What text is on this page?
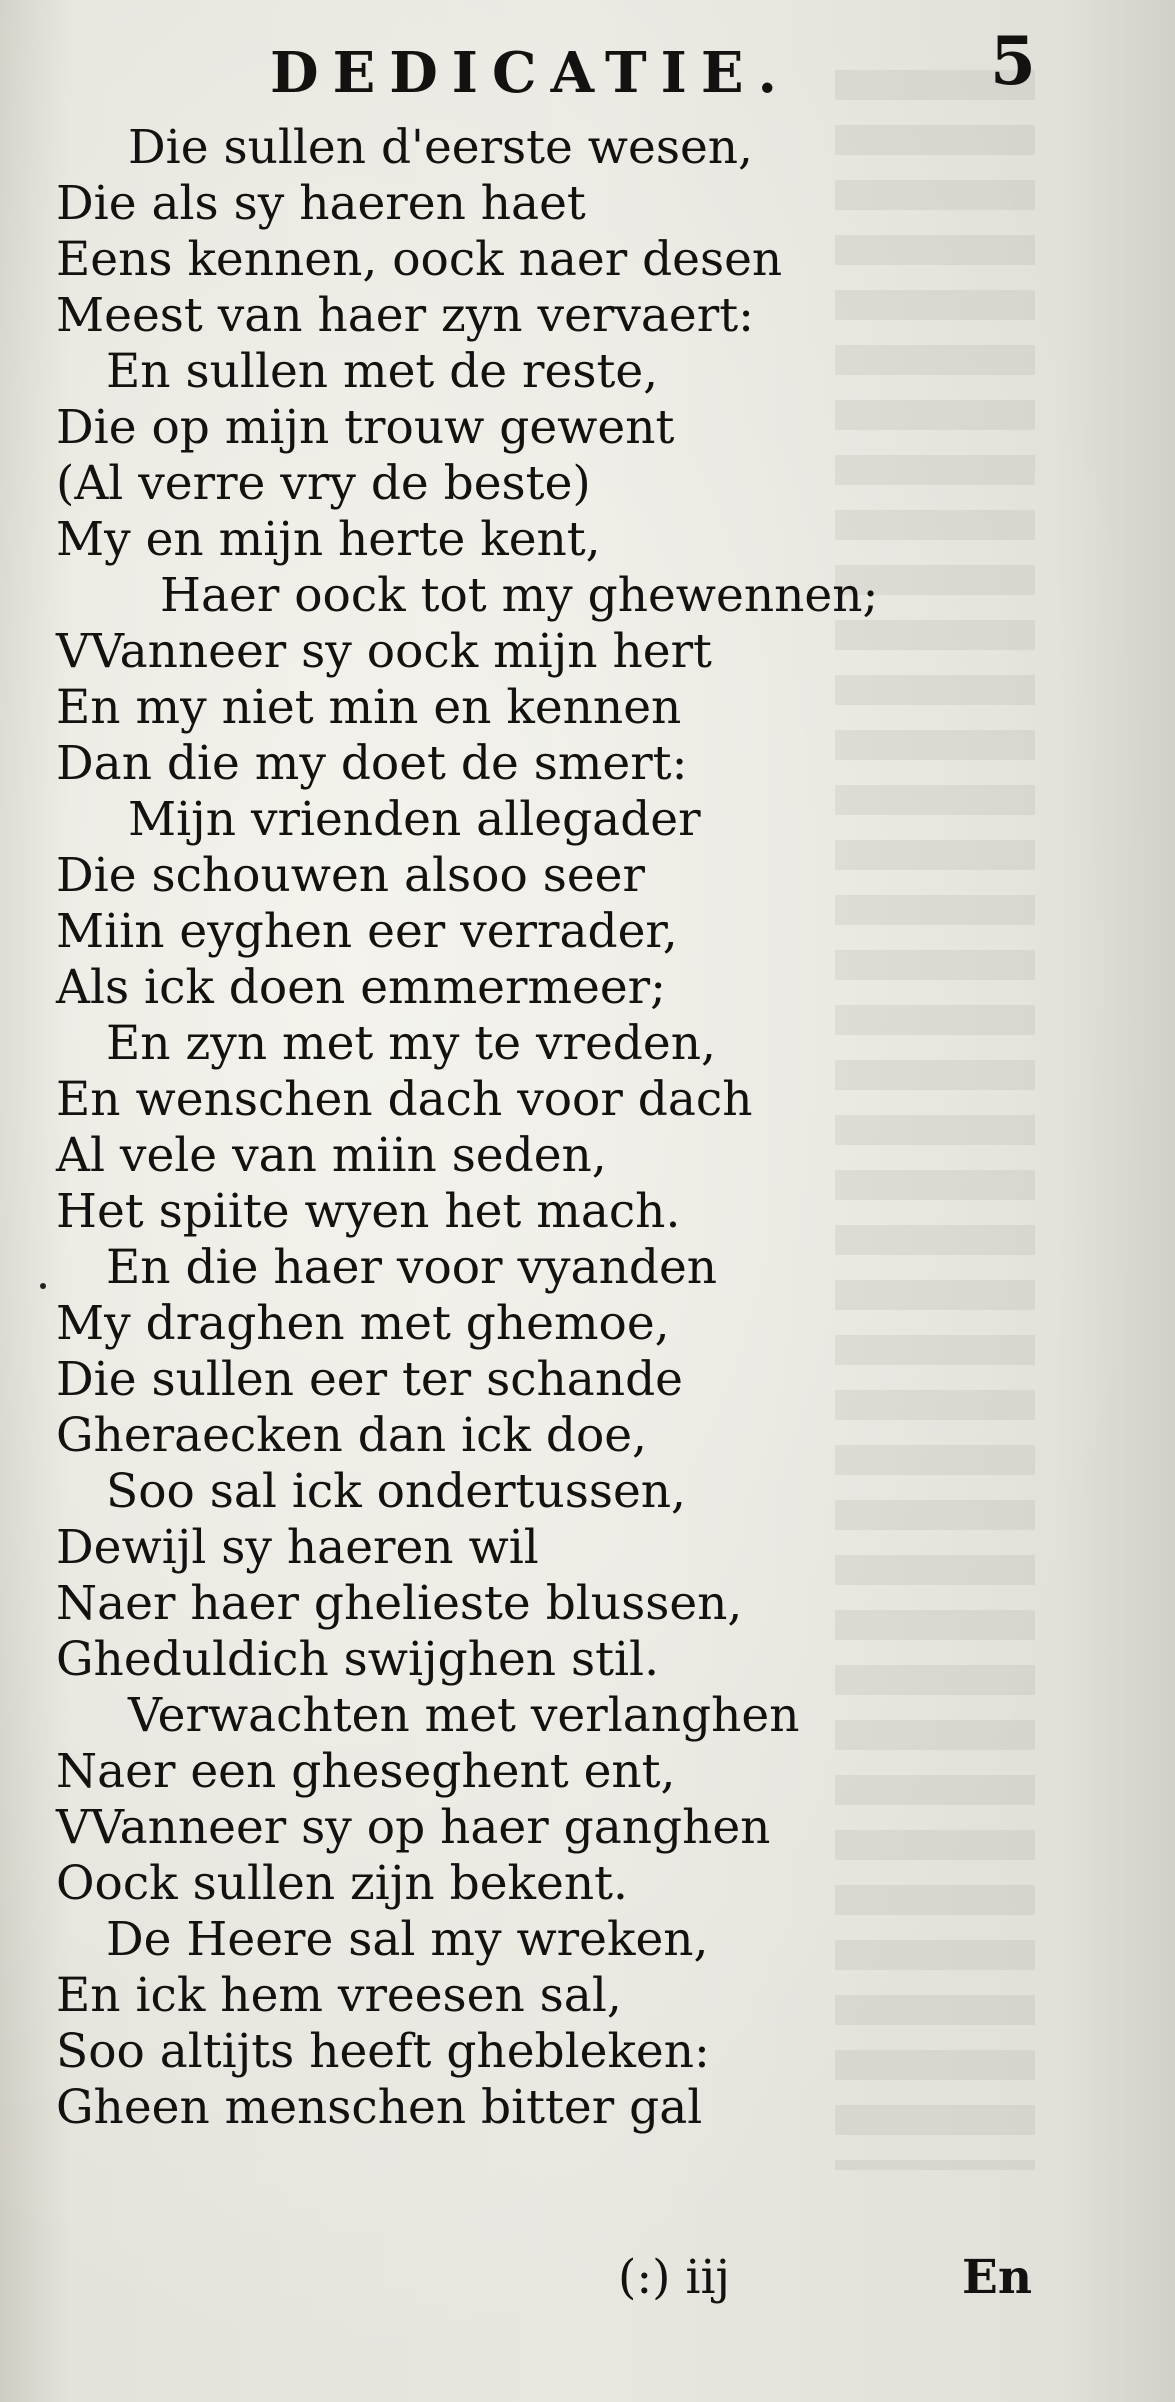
DEDICATIE.	5
Die sullen d'eerste wesen,
Die als sy haeren haet
Eens kennen, oock naer desen
Meest van haer zyn vervaert:
En sullen met de reste,
Die op mijn trouw gewent
(Al verre vry de beste)
My en mijn herte kent,
Haer oock tot my ghewennen;
VVanneer sy oock mijn hert
En my niet min en kennen
Dan die my doet de smert:
Mijn vrienden allegader
Die schouwen alsoo seer
Miin eyghen eer verrader,
Als ick doen emmermeer;
En zyn met my te vreden,
En wenschen dach voor dach
Al vele van miin seden,
Het spiite wyen het mach.
En die haer voor vyanden
My draghen met ghemoe,
Die sullen eer ter schande
Gheraecken dan ick doe,
Soo sal ick ondertussen,
Dewijl sy haeren wil
Naer haer ghelieste blussen,
Gheduldich swijghen stil.
Verwachten met verlanghen
Naer een gheseghent ent,
VVanneer sy op haer ganghen
Oock sullen zijn bekent.
De Heere sal my wreken,
En ick hem vreesen sal,
Soo altijts heeft ghebleken:
Gheen menschen bitter gal
(:) iij	En
